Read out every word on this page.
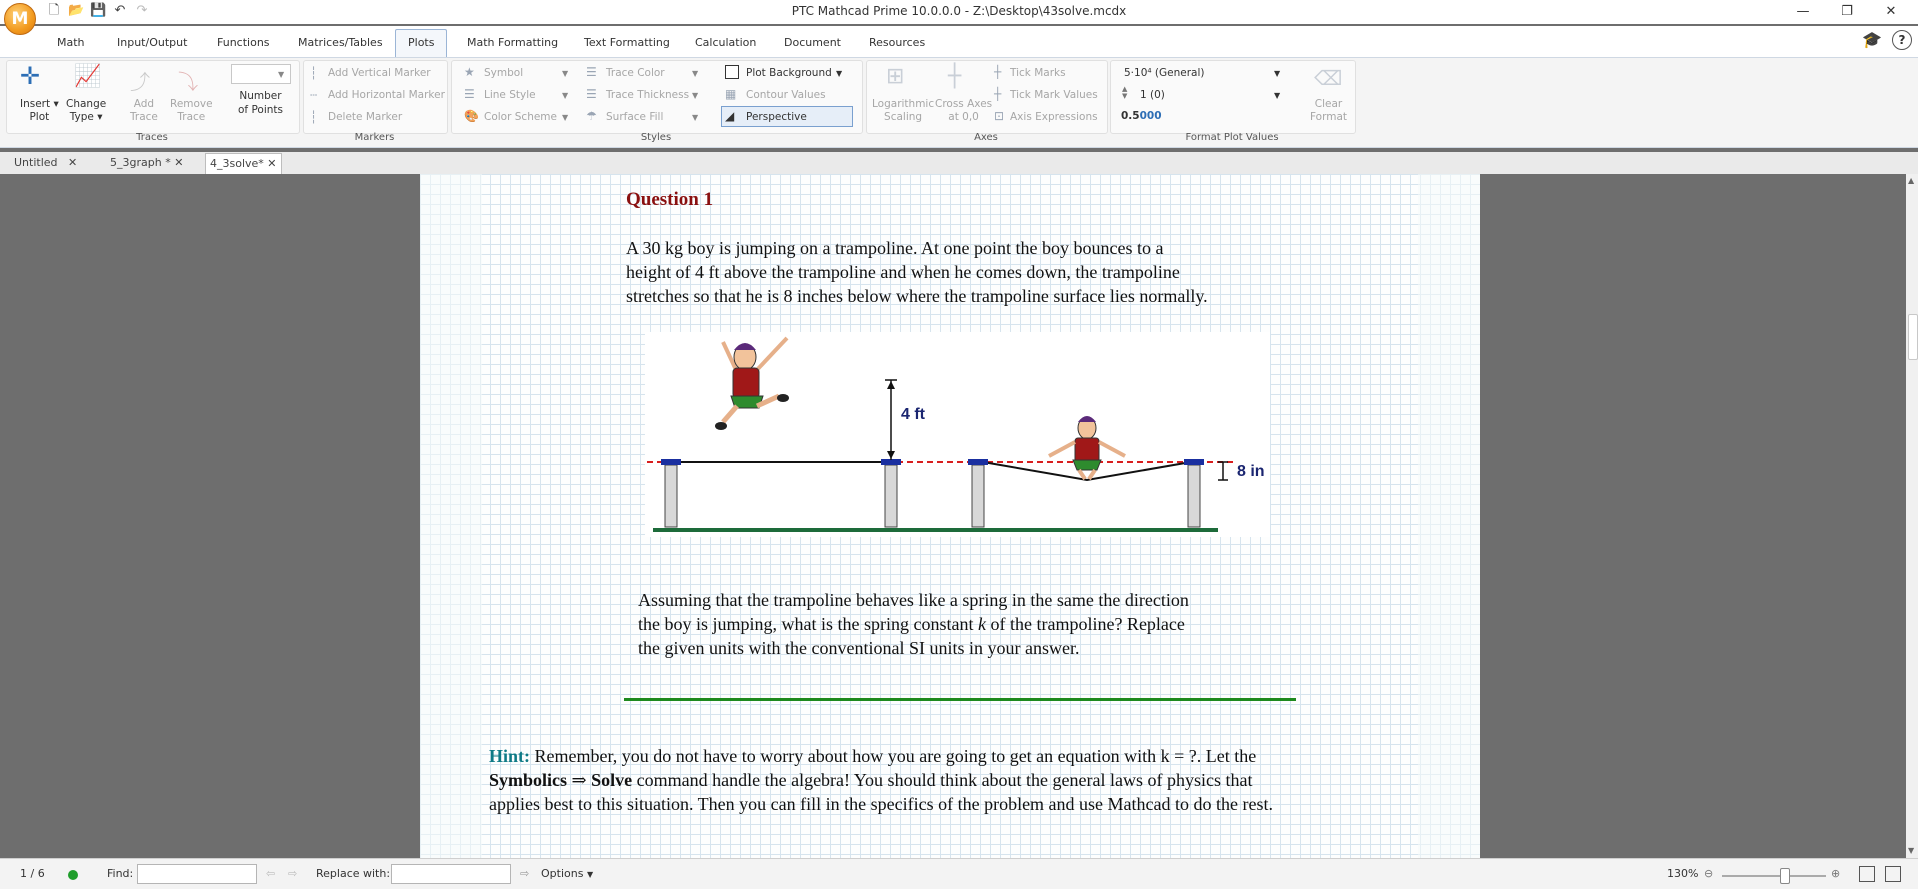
M	🗋 📂 💾 ↶ ↷	PTC Mathcad Prime 10.0.0.0 - Z:\Desktop\43solve.mcdx	—	❐	✕
Math	Input/Output	Functions	Matrices/Tables Plots	Math Formatting Text Formatting Calculation	Document	Resources	🎓	?
✛
Insert ▾
Plot
📈
Change
Type ▾
⤴
Add
Trace
⤵
Remove
Trace
▼
Number
of Points
Traces
┆ Add Vertical Marker
┄ Add Horizontal Marker
┆ Delete Marker
Markers
★ Symbol	▼
☰ Line Style	▼
🎨 Color Scheme ▼
☰ Trace Color	▼
☰ Trace Thickness ▼
☂ Surface Fill	▼
Plot Background ▼
▦ Contour Values
◢ Perspective
Styles
⊞
Logarithmic
Scaling
┼
Cross Axes
at 0,0
┼ Tick Marks
┼ Tick Mark Values
⊡ Axis Expressions
Axes
5·10⁴ (General)	▼
▲
▼ 1 (0)	▼
0.5000
⌫
Clear
Format
Format Plot Values
Untitled ✕	5_3graph * ✕	4_3solve* ✕
Question 1
A 30 kg boy is jumping on a trampoline. At one point the boy bounces to a
height of 4 ft above the trampoline and when he comes down, the trampoline
stretches so that he is 8 inches below where the trampoline surface lies normally.
4 ft
8 in
Assuming that the trampoline behaves like a spring in the same the direction
the boy is jumping, what is the spring constant k of the trampoline? Replace
the given units with the conventional SI units in your answer.
Hint: Remember, you do not have to worry about how you are going to get an equation with k = ?. Let the
Symbolics ⇒ Solve command handle the algebra! You should think about the general laws of physics that
applies best to this situation. Then you can fill in the specifics of the problem and use Mathcad to do the rest.
▲
▼
1 / 6	Find:	⇦ ⇨ Replace with:	⇨ Options ▼	130% ⊖	⊕
